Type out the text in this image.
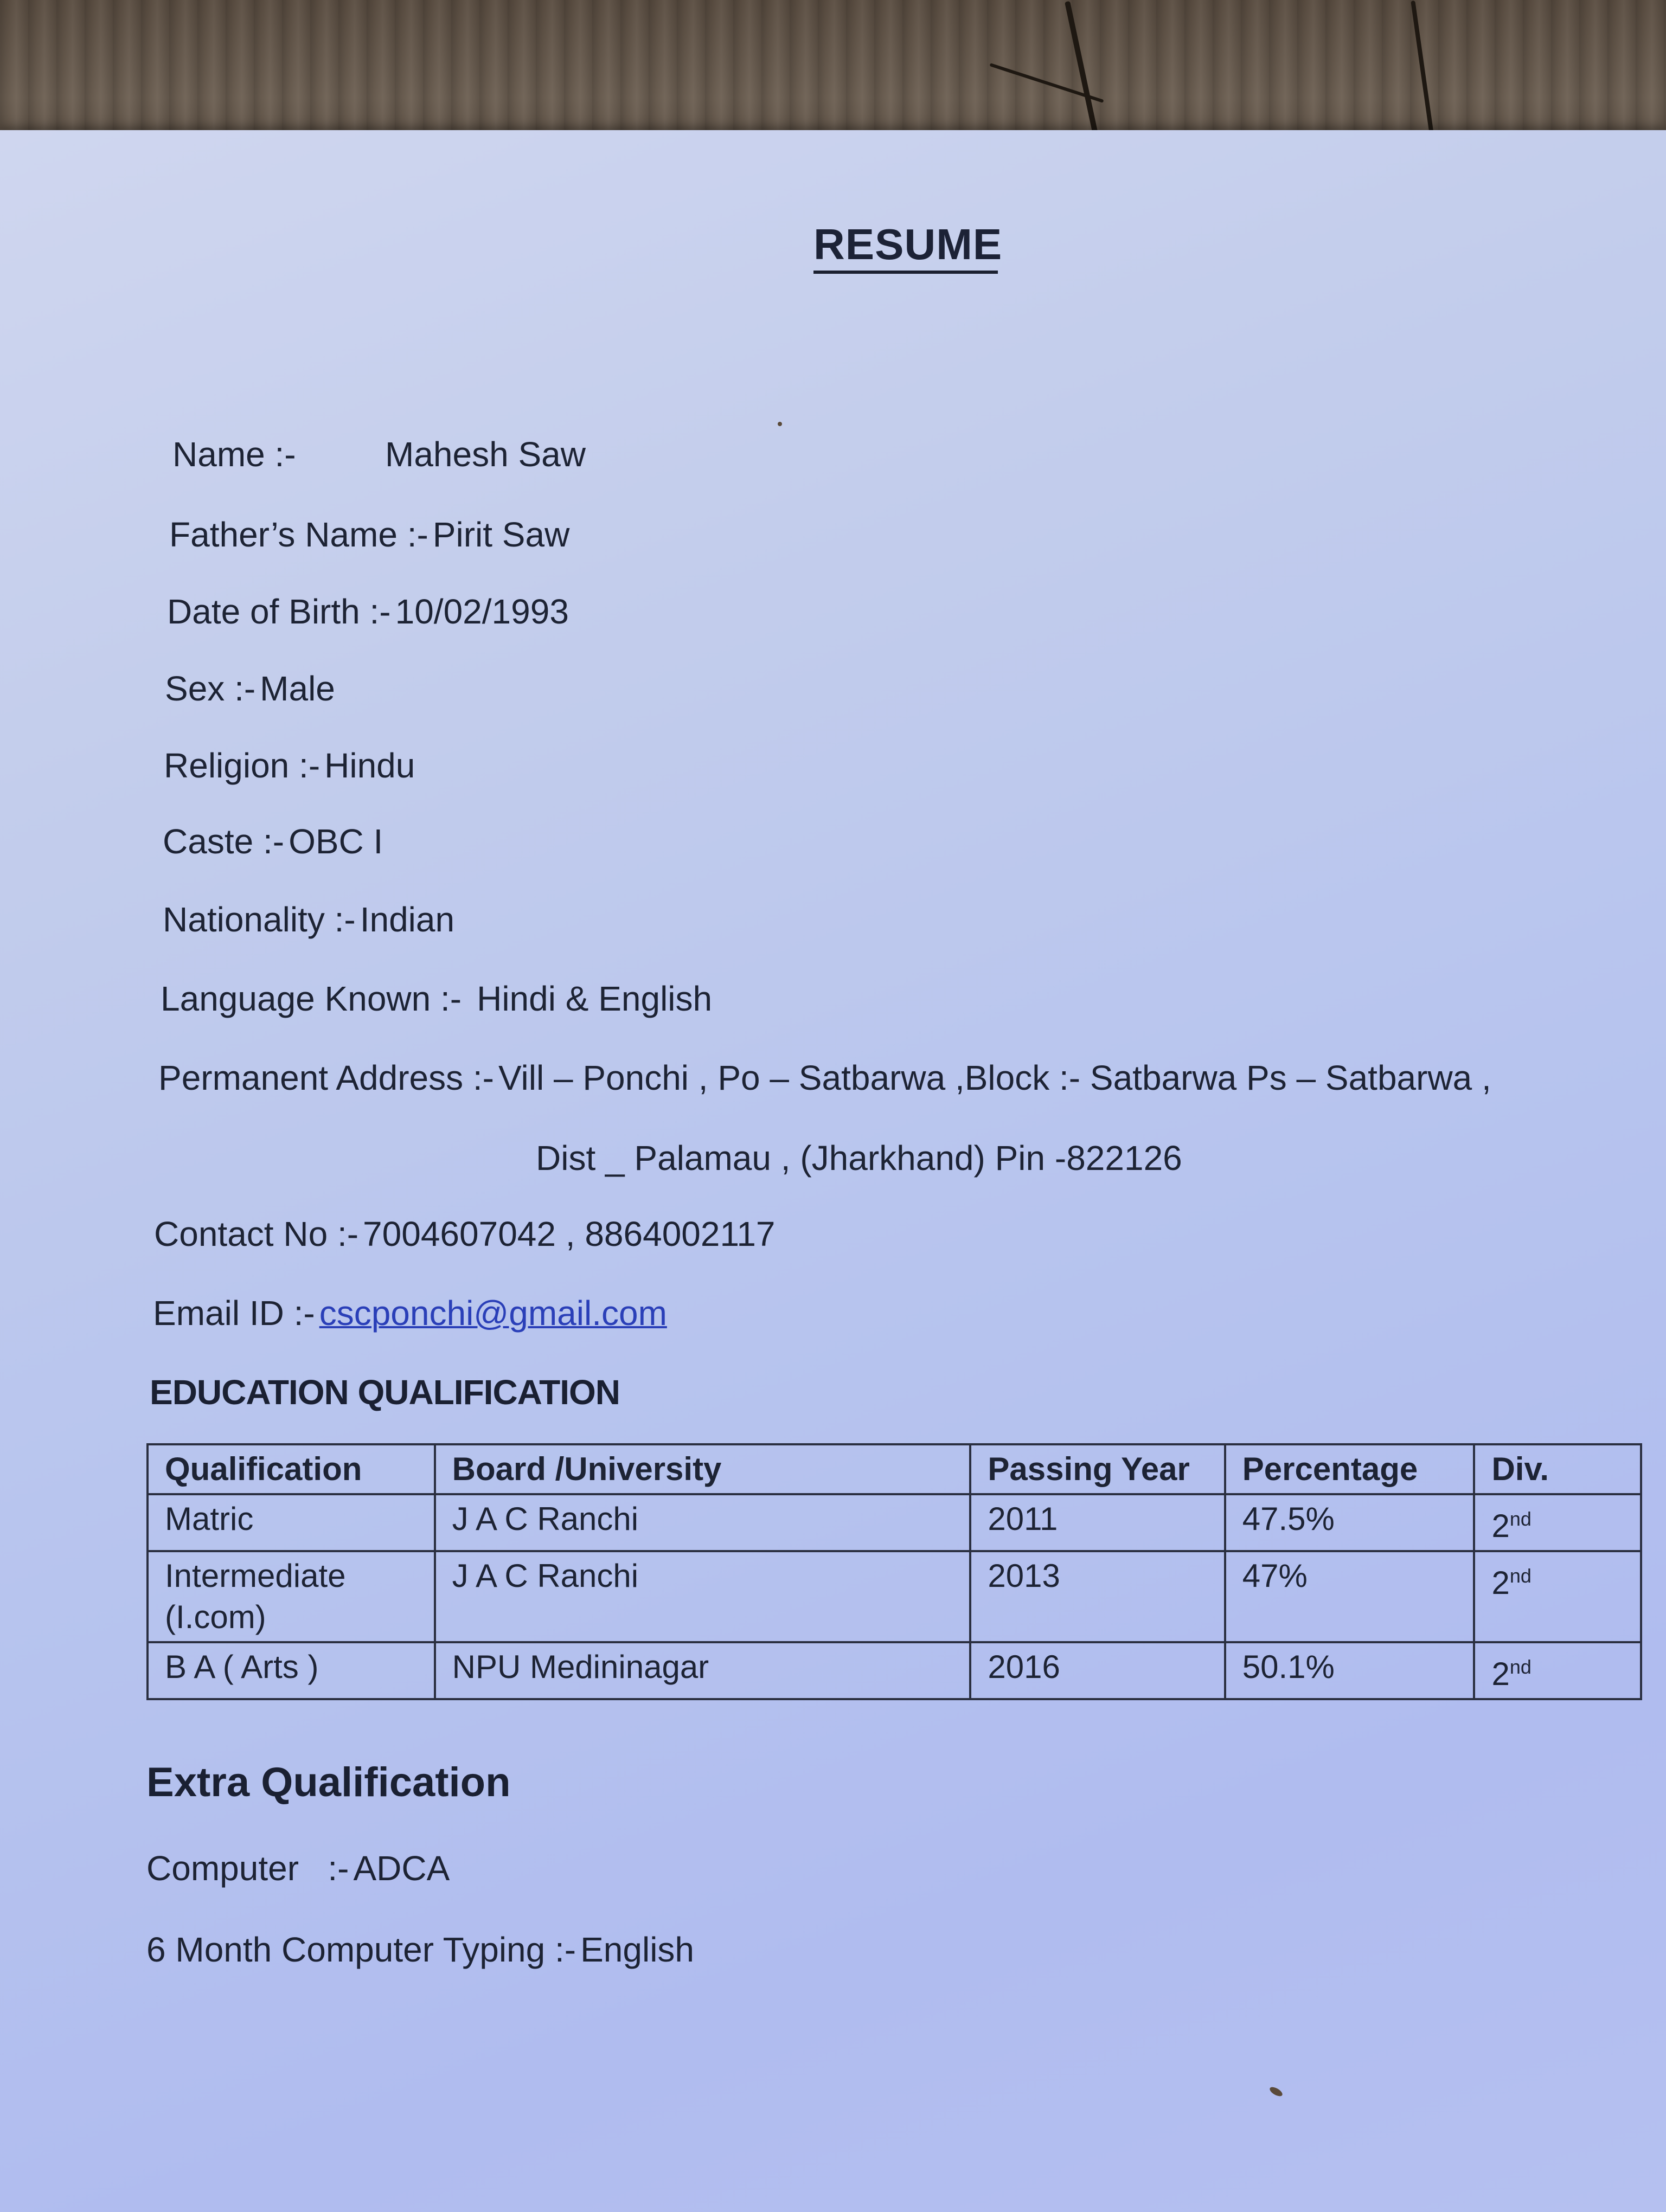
RESUME
Name :-	Mahesh Saw
Father’s Name :- Pirit Saw
Date of Birth :- 10/02/1993
Sex :- Male
Religion :- Hindu
Caste :- OBC I
Nationality :- Indian
Language Known :- Hindi & English
Permanent Address :- Vill – Ponchi , Po – Satbarwa ,Block :- Satbarwa Ps – Satbarwa ,
Dist _ Palamau , (Jharkhand) Pin -822126
Contact No :- 7004607042 , 8864002117
Email ID :- cscponchi@gmail.com
EDUCATION QUALIFICATION
Qualification	Board /University	Passing Year	Percentage	Div.
Matric	J A C Ranchi	2011	47.5%	2nd
Intermediate
(I.com)	J A C Ranchi	2013	47%	2nd
B A ( Arts )	NPU Medininagar	2016	50.1%	2nd
Extra Qualification
Computer   :- ADCA
6 Month Computer Typing :- English
